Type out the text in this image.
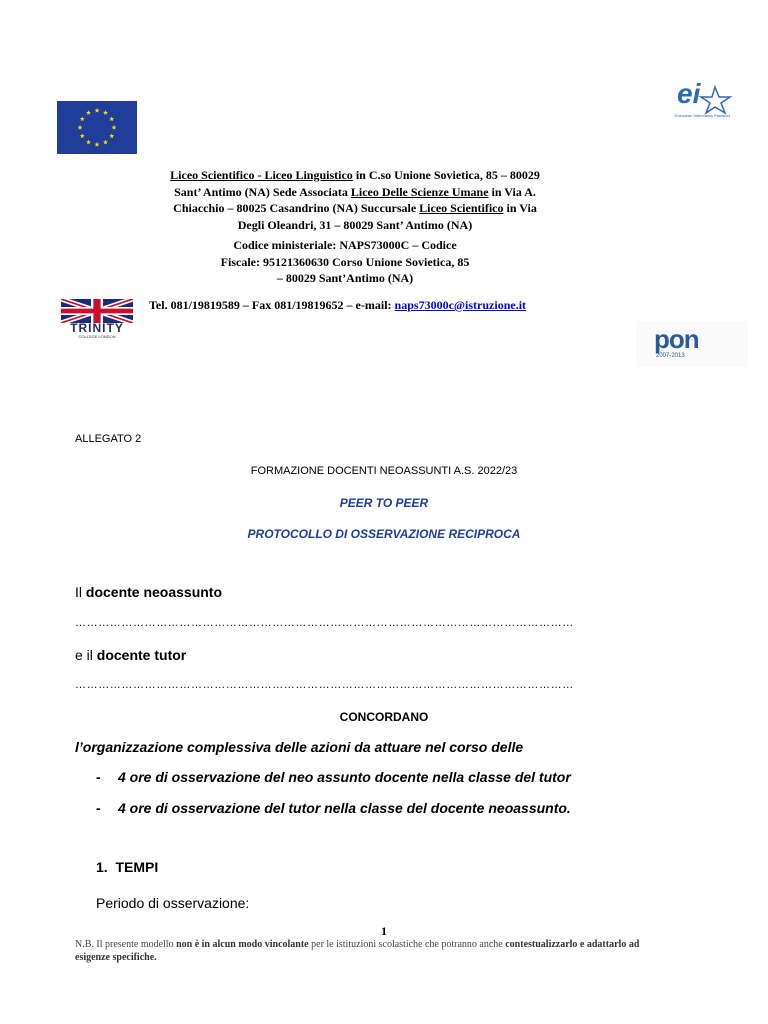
ei
European Informatics Passport
Liceo Scientifico - Liceo Linguistico in C.so Unione Sovietica, 85 – 80029
Sant’ Antimo (NA) Sede Associata Liceo Delle Scienze Umane in Via A.
Chiacchio – 80025 Casandrino (NA) Succursale Liceo Scientifico in Via
Degli Oleandri, 31 – 80029 Sant’ Antimo (NA)
Codice ministeriale: NAPS73000C – Codice
Fiscale: 95121360630 Corso Unione Sovietica, 85
– 80029 Sant’Antimo (NA)
TRINITY
COLLEGE LONDON
Tel. 081/19819589 – Fax 081/19819652 – e-mail: naps73000c@istruzione.it
pon
2007-2013
ALLEGATO 2
FORMAZIONE DOCENTI NEOASSUNTI A.S. 2022/23
PEER TO PEER
PROTOCOLLO DI OSSERVAZIONE RECIPROCA
Il docente neoassunto
…………………………………………………………………………………………………………………
e il docente tutor
…………………………………………………………………………………………………………………
CONCORDANO
l’organizzazione complessiva delle azioni da attuare nel corso delle
- 4 ore di osservazione del neo assunto docente nella classe del tutor
- 4 ore di osservazione del tutor nella classe del docente neoassunto.
1. TEMPI
Periodo di osservazione:
1
N.B. Il presente modello non è in alcun modo vincolante per le istituzioni scolastiche che potranno anche contestualizzarlo e adattarlo ad esigenze specifiche.
